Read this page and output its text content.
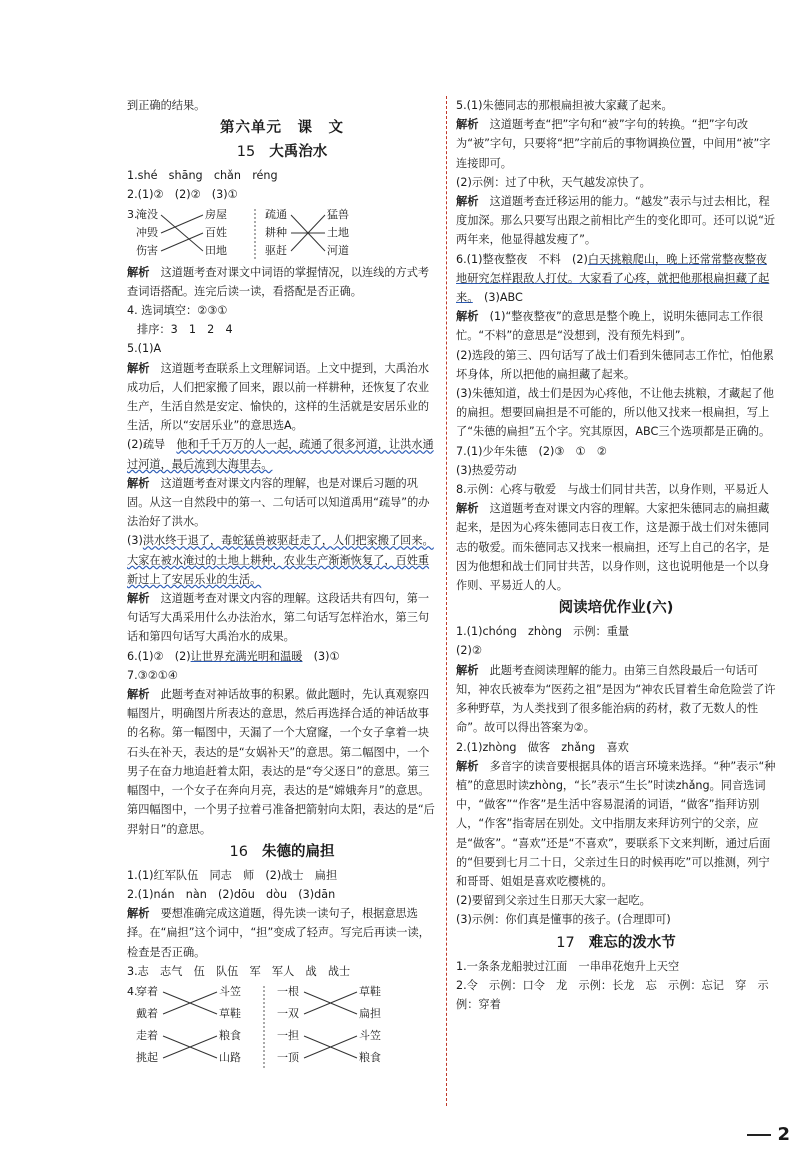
到正确的结果。

第六单元　课　文
15 大禹治水

1.shé　shāng　chǎn　réng

2.(1)②　(2)②　(3)①

3.
淹没
冲毁
伤害
房屋
百姓
田地
疏通
耕种
驱赶
猛兽
土地
河道

解析　 这道题考查对课文中词语的掌握情况，以连线的方式考查词语搭配。连完后读一读，看搭配是否正确。

4. 选词填空：②③①

排序：3　1　2　4

5.(1)A

解析　 这道题考查联系上文理解词语。上文中提到，大禹治水成功后，人们把家搬了回来，跟以前一样耕种，还恢复了农业生产，生活自然是安定、愉快的，这样的生活就是安居乐业的生活，所以“安居乐业”的意思选A。

(2)疏导　他和千千万万的人一起，疏通了很多河道，让洪水通过河道，最后流到大海里去。

解析　 这道题考查对课文内容的理解，也是对课后习题的巩固。从这一自然段中的第一、二句话可以知道禹用“疏导”的办法治好了洪水。

(3)洪水终于退了，毒蛇猛兽被驱赶走了，人们把家搬了回来。大家在被水淹过的土地上耕种，农业生产渐渐恢复了，百姓重新过上了安居乐业的生活。

解析　 这道题考查对课文内容的理解。这段话共有四句，第一句话写大禹采用什么办法治水，第二句话写怎样治水，第三句话和第四句话写大禹治水的成果。

6.(1)②　(2)让世界充满光明和温暖　(3)①

7.③②①④

解析　 此题考查对神话故事的积累。做此题时，先认真观察四幅图片，明确图片所表达的意思，然后再选择合适的神话故事的名称。第一幅图中，天漏了一个大窟窿，一个女子拿着一块石头在补天，表达的是“女娲补天”的意思。第二幅图中，一个男子在奋力地追赶着太阳，表达的是“夸父逐日”的意思。第三幅图中，一个女子在奔向月亮，表达的是“嫦娥奔月”的意思。第四幅图中，一个男子拉着弓准备把箭射向太阳，表达的是“后羿射日”的意思。

16 朱德的扁担

1.(1)红军队伍　同志　师　(2)战士　扁担

2.(1)nán　nàn　(2)dōu　dòu　(3)dān

解析　 要想准确完成这道题，得先读一读句子，根据意思选择。在“扁担”这个词中，“担”变成了轻声。写完后再读一读，检查是否正确。

3.志　志气　伍　队伍　军　军人　战　战士

4.
穿着
戴着
走着
挑起
斗笠
草鞋
粮食
山路
一根
一双
一担
一顶
草鞋
扁担
斗笠
粮食

5.(1)朱德同志的那根扁担被大家藏了起来。

解析　 这道题考查“把”字句和“被”字句的转换。“把”字句改为“被”字句，只要将“把”字前后的事物调换位置，中间用“被”字连接即可。

(2)示例：过了中秋，天气越发凉快了。

解析　 这道题考查迁移运用的能力。“越发”表示与过去相比，程度加深。那么只要写出跟之前相比产生的变化即可。还可以说“近两年来，他显得越发瘦了”。

6.(1)整夜整夜　不料　(2)白天挑粮爬山，晚上还常常整夜整夜地研究怎样跟敌人打仗。大家看了心疼，就把他那根扁担藏了起来。　(3)ABC

解析　 (1)“整夜整夜”的意思是整个晚上，说明朱德同志工作很忙。“不料”的意思是“没想到，没有预先料到”。

(2)选段的第三、四句话写了战士们看到朱德同志工作忙，怕他累坏身体，所以把他的扁担藏了起来。

(3)朱德知道，战士们是因为心疼他，不让他去挑粮，才藏起了他的扁担。想要回扁担是不可能的，所以他又找来一根扁担，写上了“朱德的扁担”五个字。究其原因，ABC三个选项都是正确的。

7.(1)少年朱德　(2)③　①　②

(3)热爱劳动

8.示例：心疼与敬爱　与战士们同甘共苦，以身作则，平易近人

解析　 这道题考查对课文内容的理解。大家把朱德同志的扁担藏起来，是因为心疼朱德同志日夜工作，这是源于战士们对朱德同志的敬爱。而朱德同志又找来一根扁担，还写上自己的名字，是因为他想和战士们同甘共苦，以身作则，这也说明他是一个以身作则、平易近人的人。

阅读培优作业(六)

1.(1)chóng　zhòng　示例：重量

(2)②

解析　 此题考查阅读理解的能力。由第三自然段最后一句话可知，神农氏被奉为“医药之祖”是因为“神农氏冒着生命危险尝了许多种野草，为人类找到了很多能治病的药材，救了无数人的性命”。故可以得出答案为②。

2.(1)zhòng　做客　zhǎng　喜欢

解析　 多音字的读音要根据具体的语言环境来选择。“种”表示“种植”的意思时读zhòng，“长”表示“生长”时读zhǎng。同音选词中，“做客”“作客”是生活中容易混淆的词语，“做客”指拜访别人，“作客”指寄居在别处。文中指朋友来拜访列宁的父亲，应是“做客”。“喜欢”还是“不喜欢”，要联系下文来判断，通过后面的“但要到七月二十日，父亲过生日的时候再吃”可以推测，列宁和哥哥、姐姐是喜欢吃樱桃的。

(2)要留到父亲过生日那天大家一起吃。

(3)示例：你们真是懂事的孩子。(合理即可)

17 难忘的泼水节

1.一条条龙船驶过江面　一串串花炮升上天空

2.令　示例：口令　龙　示例：长龙　忘　示例：忘记　穿　示例：穿着

2
